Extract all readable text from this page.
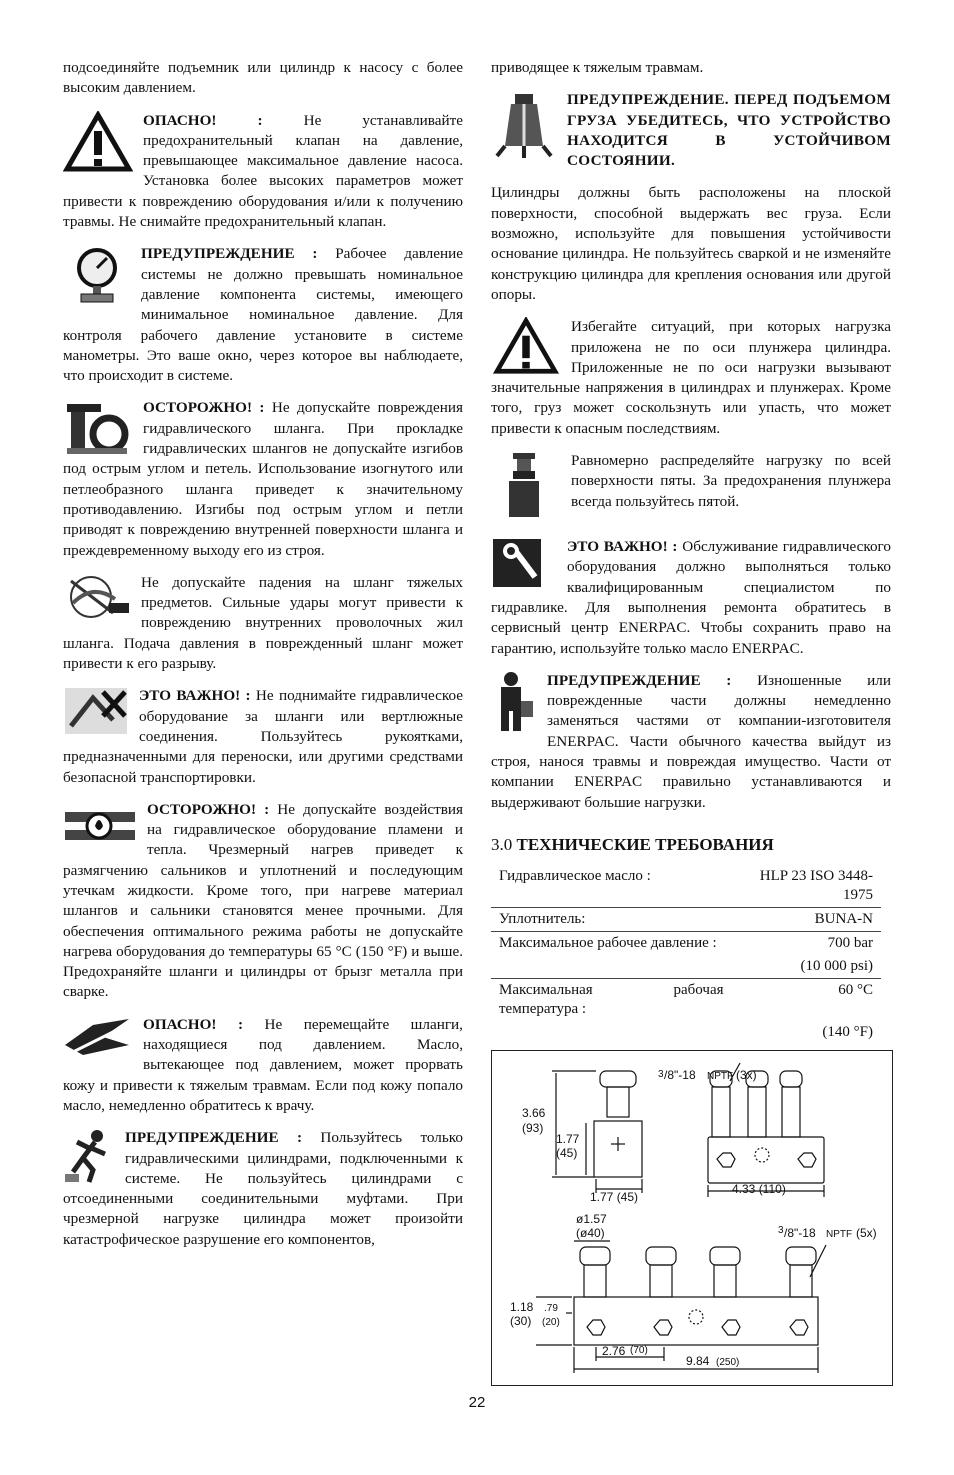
подсоединяйте подъемник или цилиндр к насосу с более высоким давлением.

ОПАСНО! : Не устанавливайте предохранительный клапан на давление, превышающее максимальное давление насоса. Установка более высоких параметров может привести к повреждению оборудования и/или к получению травмы. Не снимайте предохранительный клапан.
ПРЕДУПРЕЖДЕНИЕ : Рабочее давление системы не должно превышать номинальное давление компонента системы, имеющего минимальное номинальное давление. Для контроля рабочего давление установите в системе манометры. Это ваше окно, через которое вы наблюдаете, что происходит в системе.
ОСТОРОЖНО! : Не допускайте повреждения гидравлического шланга. При прокладке гидравлических шлангов не допускайте изгибов под острым углом и петель. Использование изогнутого или петлеобразного шланга приведет к значительному противодавлению. Изгибы под острым углом и петли приводят к повреждению внутренней поверхности шланга и преждевременному выходу его из строя.
Не допускайте падения на шланг тяжелых предметов. Сильные удары могут привести к повреждению внутренних проволочных жил шланга. Подача давления в поврежденный шланг может привести к его разрыву.
ЭТО ВАЖНО! : Не поднимайте гидравлическое оборудование за шланги или вертлюжные соединения. Пользуйтесь рукоятками, предназначенными для переноски, или другими средствами безопасной транспортировки.
ОСТОРОЖНО! : Не допускайте воздействия на гидравлическое оборудование пламени и тепла. Чрезмерный нагрев приведет к размягчению сальников и уплотнений и последующим утечкам жидкости. Кроме того, при нагреве материал шлангов и сальники становятся менее прочными. Для обеспечения оптимального режима работы не допускайте нагрева оборудования до температуры 65 °C (150 °F) и выше. Предохраняйте шланги и цилиндры от брызг металла при сварке.
ОПАСНО! : Не перемещайте шланги, находящиеся под давлением. Масло, вытекающее под давлением, может прорвать кожу и привести к тяжелым травмам. Если под кожу попало масло, немедленно обратитесь к врачу.
ПРЕДУПРЕЖДЕНИЕ : Пользуйтесь только гидравлическими цилиндрами, подключенными к системе. Не пользуйтесь цилиндрами с отсоединенными соединительными муфтами. При чрезмерной нагрузке цилиндра может произойти катастрофическое разрушение его компонентов,

приводящее к тяжелым травмам.

ПРЕДУПРЕЖДЕНИЕ. ПЕРЕД ПОДЪЕМОМ ГРУЗА УБЕДИТЕСЬ, ЧТО УСТРОЙСТВО НАХОДИТСЯ В УСТОЙЧИВОМ СОСТОЯНИИ.

Цилиндры должны быть расположены на плоской поверхности, способной выдержать вес груза. Если возможно, используйте для повышения устойчивости основание цилиндра. Не пользуйтесь сваркой и не изменяйте конструкцию цилиндра для крепления основания или другой опоры.

Избегайте ситуаций, при которых нагрузка приложена не по оси плунжера цилиндра. Приложенные не по оси нагрузки вызывают значительные напряжения в цилиндрах и плунжерах. Кроме того, груз может соскользнуть или упасть, что может привести к опасным последствиям.
Равномерно распределяйте нагрузку по всей поверхности пяты. За предохранения плунжера всегда пользуйтесь пятой.
ЭТО ВАЖНО! : Обслуживание гидравлического оборудования должно выполняться только квалифицированным специалистом по гидравлике. Для выполнения ремонта обратитесь в сервисный центр ENERPAC. Чтобы сохранить право на гарантию, используйте только масло ENERPAC.
ПРЕДУПРЕЖДЕНИЕ : Изношенные или поврежденные части должны немедленно заменяться частями от компании-изготовителя ENERPAC. Части обычного качества выйдут из строя, нанося травмы и повреждая имущество. Части от компании ENERPAC правильно устанавливаются и выдерживают большие нагрузки.
3.0 ТЕХНИЧЕСКИЕ ТРЕБОВАНИЯ
Гидравлическое масло :	HLP 23 ISO 3448-1975
Уплотнитель:	BUNA-N
Максимальное рабочее давление :	700 bar
	(10 000 psi)
Максимальная рабочая температура :	60 °C
	(140 °F)
3 /8"-18 NPTF (3x)
3.66
(93)
1.77
(45)
1.77 (45)
4.33 (110)
ø1.57
(ø40)	3 /8"-18 NPTF (5x)
1.18
(30)
.79
(20)
2.76 (70)
9.84 (250)
22
